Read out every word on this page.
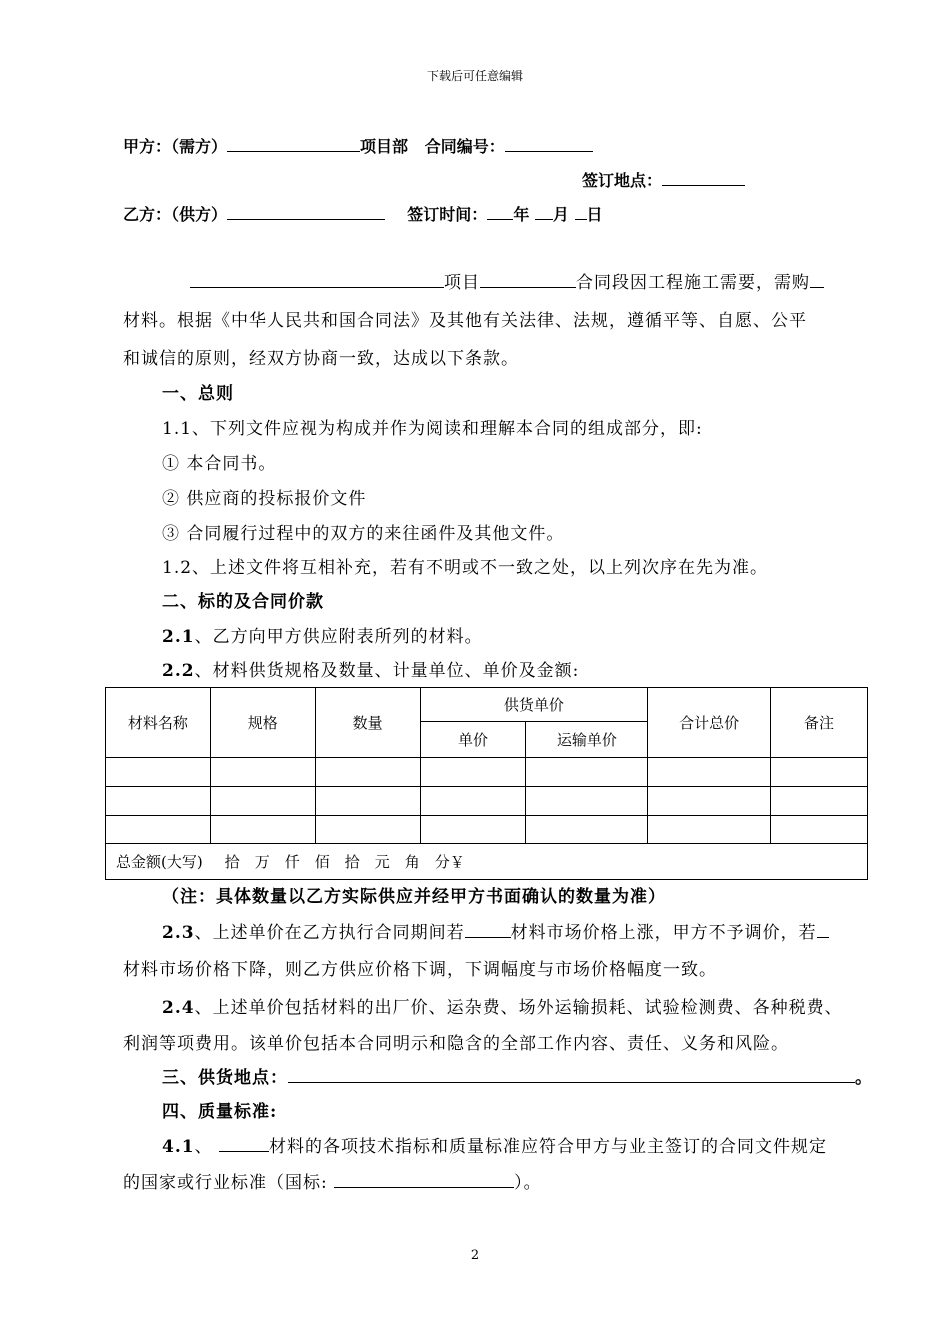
下载后可任意编辑
甲方：（需方）	项目部 合同编号：
签订地点：
乙方：（供方）	签订时间： 年 月 日
项目	合同段因工程施工需要，需购
材料。根据《中华人民共和国合同法》及其他有关法律、法规，遵循平等、自愿、公平
和诚信的原则，经双方协商一致，达成以下条款。
一、总则
1.1、下列文件应视为构成并作为阅读和理解本合同的组成部分，即:
① 本合同书。
② 供应商的投标报价文件
③ 合同履行过程中的双方的来往函件及其他文件。
1.2、上述文件将互相补充，若有不明或不一致之处，以上列次序在先为准。
二、标的及合同价款
2.1、乙方向甲方供应附表所列的材料。
2.2、材料供货规格及数量、计量单位、单价及金额:
材料名称	规格	数量	供货单价		合计总价	备注
			单价	运输单价		

总金额(大写) 拾　万　仟　佰　拾　元　角　分￥						
（注：具体数量以乙方实际供应并经甲方书面确认的数量为准）
2.3、上述单价在乙方执行合同期间若	材料市场价格上涨，甲方不予调价，若
材料市场价格下降，则乙方供应价格下调，下调幅度与市场价格幅度一致。
2.4、上述单价包括材料的出厂价、运杂费、场外运输损耗、试验检测费、各种税费、
利润等项费用。该单价包括本合同明示和隐含的全部工作内容、责任、义务和风险。
三、供货地点：	。
四、质量标准:
4.1、	材料的各项技术指标和质量标准应符合甲方与业主签订的合同文件规定
的国家或行业标准（国标:	）。
2
